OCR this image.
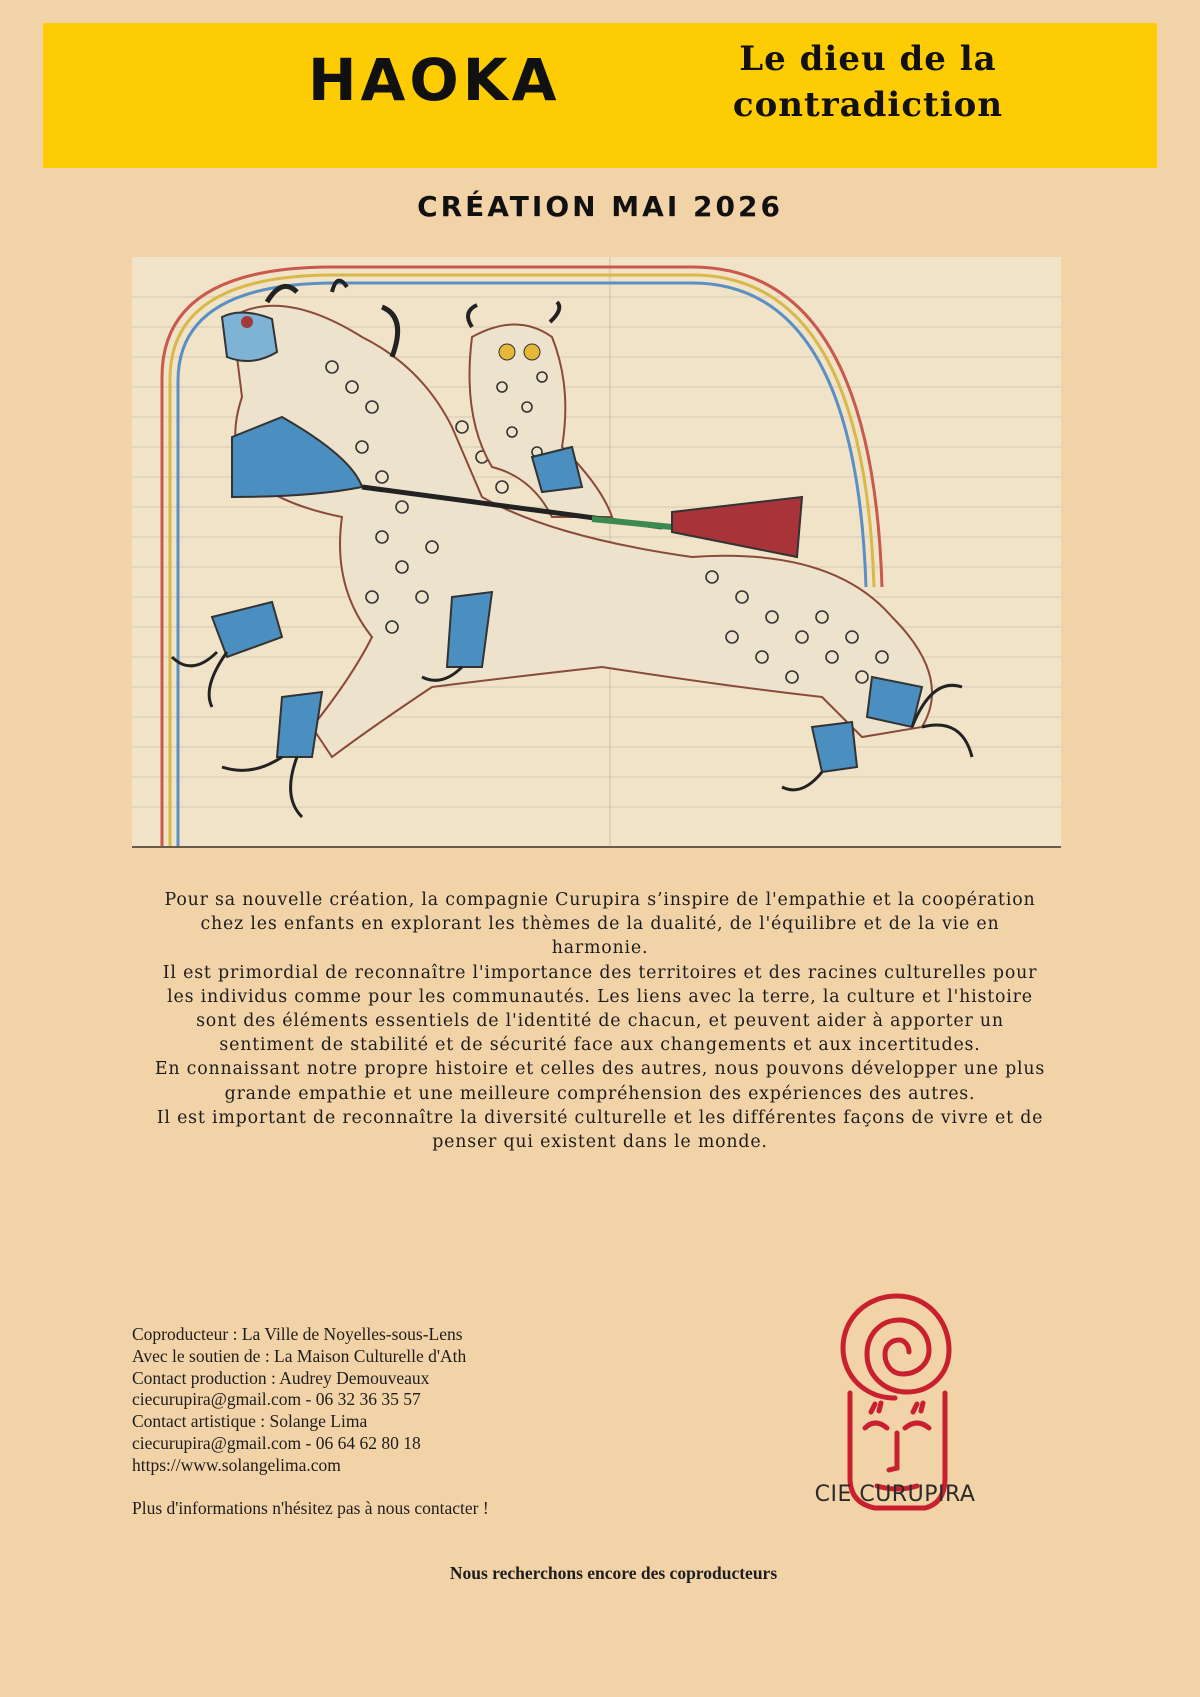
HAOKA	Le dieu de la
contradiction
CRÉATION MAI 2026

Pour sa nouvelle création, la compagnie Curupira s’inspire de l'empathie et la coopération chez les enfants en explorant les thèmes de la dualité, de l'équilibre et de la vie en harmonie.

Il est primordial de reconnaître l'importance des territoires et des racines culturelles pour les individus comme pour les communautés. Les liens avec la terre, la culture et l'histoire sont des éléments essentiels de l'identité de chacun, et peuvent aider à apporter un sentiment de stabilité et de sécurité face aux changements et aux incertitudes.

En connaissant notre propre histoire et celles des autres, nous pouvons développer une plus grande empathie et une meilleure compréhension des expériences des autres.

Il est important de reconnaître la diversité culturelle et les différentes façons de vivre et de penser qui existent dans le monde.

Coproducteur : La Ville de Noyelles-sous-Lens
Avec le soutien de : La Maison Culturelle d'Ath
Contact production : Audrey Demouveaux
ciecurupira@gmail.com - 06 32 36 35 57
Contact artistique : Solange Lima
ciecurupira@gmail.com - 06 64 62 80 18
https://www.solangelima.com
Plus d'informations n'hésitez pas à nous contacter !
CIE CURUPIRA
Nous recherchons encore des coproducteurs
